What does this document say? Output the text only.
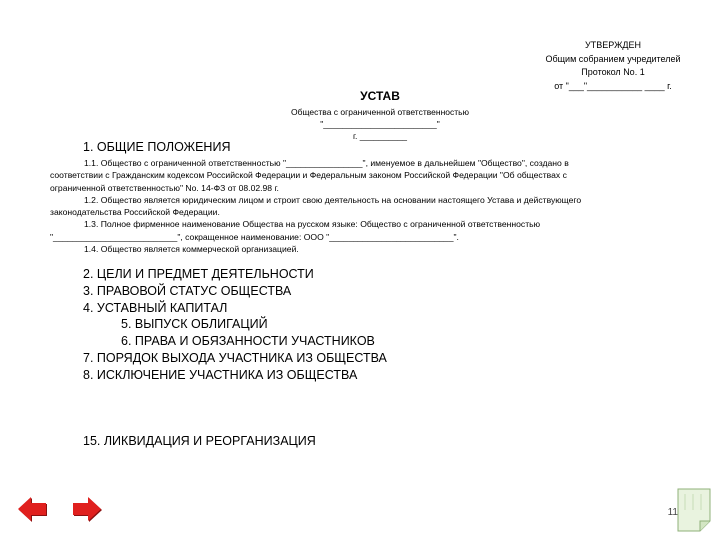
УТВЕРЖДЕН
Общим собранием учредителей
Протокол No. 1
от "___"___________ ____ г.
УСТАВ
Общества с ограниченной ответственностью
"________________________"
г. __________
1. ОБЩИЕ ПОЛОЖЕНИЯ
1.1. Общество с ограниченной ответственностью "________________", именуемое в дальнейшем "Общество", создано в
соответствии с Гражданским кодексом Российской Федерации и Федеральным законом Российской Федерации "Об обществах с
ограниченной ответственностью" No. 14-ФЗ от 08.02.98 г.
1.2. Общество является юридическим лицом и строит свою деятельность на основании настоящего Устава и действующего
законодательства Российской Федерации.
1.3. Полное фирменное наименование Общества на русском языке: Общество с ограниченной ответственностью
"__________________________", сокращенное наименование: ООО "__________________________".
1.4. Общество является коммерческой организацией.
2. ЦЕЛИ И ПРЕДМЕТ ДЕЯТЕЛЬНОСТИ
3. ПРАВОВОЙ СТАТУС ОБЩЕСТВА
4. УСТАВНЫЙ КАПИТАЛ
5. ВЫПУСК ОБЛИГАЦИЙ
6. ПРАВА И ОБЯЗАННОСТИ УЧАСТНИКОВ
7. ПОРЯДОК ВЫХОДА УЧАСТНИКА ИЗ ОБЩЕСТВА
8. ИСКЛЮЧЕНИЕ УЧАСТНИКА ИЗ ОБЩЕСТВА
15. ЛИКВИДАЦИЯ И РЕОРГАНИЗАЦИЯ
11
